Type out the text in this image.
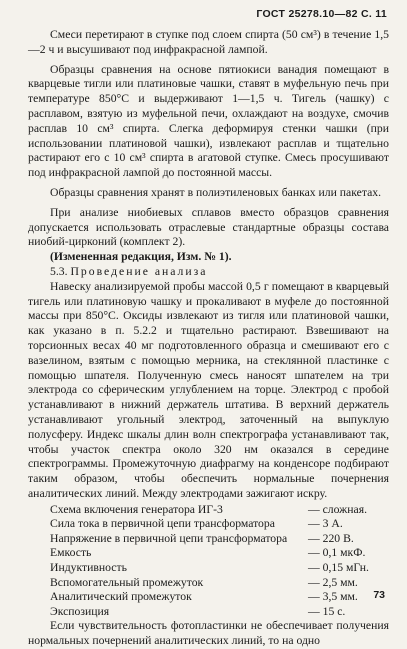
ГОСТ 25278.10—82 С. 11

Смеси перетирают в ступке под слоем спирта (50 см³) в течение 1,5—2 ч и высушивают под инфракрасной лампой.

Образцы сравнения на основе пятиокиси ванадия помещают в кварцевые тигли или платиновые чашки, ставят в муфельную печь при температуре 850°С и выдерживают 1—1,5 ч. Тигель (чашку) с расплавом, взятую из муфельной печи, охлаждают на воздухе, смочив расплав 10 см³ спирта. Слегка деформируя стенки чашки (при использовании платиновой чашки), извлекают расплав и тщательно растирают его с 10 см³ спирта в агатовой ступке. Смесь просушивают под инфракрасной лампой до постоянной массы.

Образцы сравнения хранят в полиэтиленовых банках или пакетах.

При анализе ниобиевых сплавов вместо образцов сравнения допускается использовать отраслевые стандартные образцы состава ниобий-цирконий (комплект 2).

(Измененная редакция, Изм. № 1).

5.3. Проведение анализа

Навеску анализируемой пробы массой 0,5 г помещают в кварцевый тигель или платиновую чашку и прокаливают в муфеле до постоянной массы при 850°С. Оксиды извлекают из тигля или платиновой чашки, как указано в п. 5.2.2 и тщательно растирают. Взвешивают на торсионных весах 40 мг подготовленного образца и смешивают его с вазелином, взятым с помощью мерника, на стеклянной пластинке с помощью шпателя. Полученную смесь наносят шпателем на три электрода со сферическим углублением на торце. Электрод с пробой устанавливают в нижний держатель штатива. В верхний держатель устанавливают угольный электрод, заточенный на выпуклую полусферу. Индекс шкалы длин волн спектрографа устанавливают так, чтобы участок спектра около 320 нм оказался в середине спектрограммы. Промежуточную диафрагму на конденсоре подбирают таким образом, чтобы обеспечить нормальные почернения аналитических линий. Между электродами зажигают искру.

Схема включения генератора ИГ-3	— сложная.
Сила тока в первичной цепи трансформатора	— 3 А.
Напряжение в первичной цепи трансформатора	— 220 В.
Емкость	— 0,1 мкФ.
Индуктивность	— 0,15 мГн.
Вспомогательный промежуток	— 2,5 мм.
Аналитический промежуток	— 3,5 мм.
Экспозиция	— 15 с.

Если чувствительность фотопластинки не обеспечивает получения нормальных почернений аналитических линий, то на одно

73
